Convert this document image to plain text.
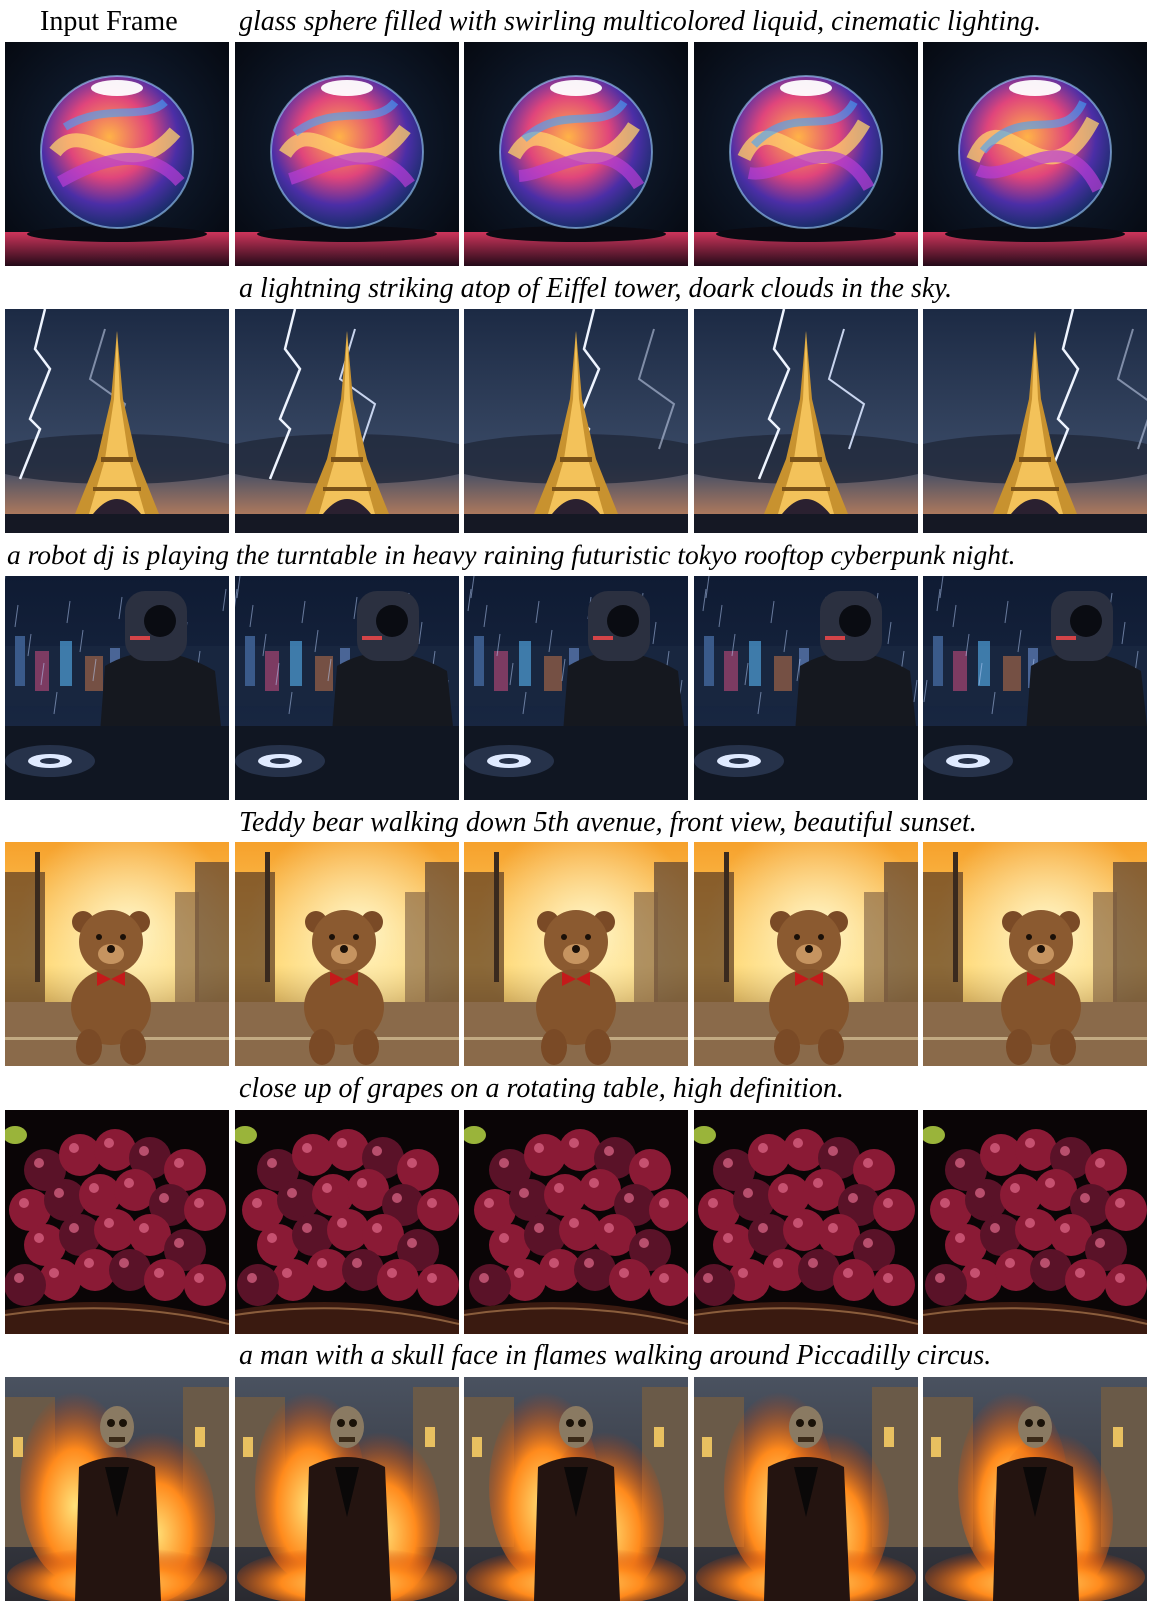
Input Frame glass sphere filled with swirling multicolored liquid, cinematic lighting.
a lightning striking atop of Eiffel tower, doark clouds in the sky.
a robot dj is playing the turntable in heavy raining futuristic tokyo rooftop cyberpunk night.
Teddy bear walking down 5th avenue, front view, beautiful sunset.
close up of grapes on a rotating table, high definition.
a man with a skull face in flames walking around Piccadilly circus.
